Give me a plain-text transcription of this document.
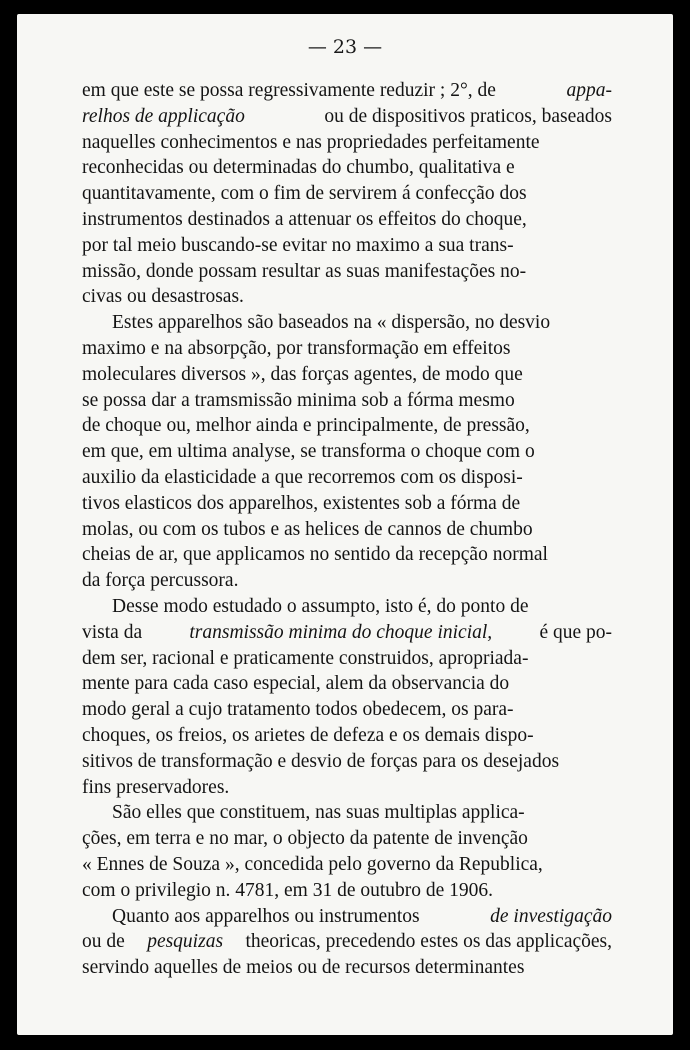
— 23 —
em que este se possa regressivamente reduzir ; 2°, de	appa-
relhos de applicação	ou de dispositivos praticos, baseados
naquelles conhecimentos e nas propriedades perfeitamente
reconhecidas ou determinadas do chumbo, qualitativa e
quantitavamente, com o fim de servirem á confecção dos
instrumentos destinados a attenuar os effeitos do choque,
por tal meio buscando-se evitar no maximo a sua trans-
missão, donde possam resultar as suas manifestações no-
civas ou desastrosas.
Estes apparelhos são baseados na « dispersão, no desvio
maximo e na absorpção, por transformação em effeitos
moleculares diversos », das forças agentes, de modo que
se possa dar a tramsmissão minima sob a fórma mesmo
de choque ou, melhor ainda e principalmente, de pressão,
em que, em ultima analyse, se transforma o choque com o
auxilio da elasticidade a que recorremos com os disposi-
tivos elasticos dos apparelhos, existentes sob a fórma de
molas, ou com os tubos e as helices de cannos de chumbo
cheias de ar, que applicamos no sentido da recepção normal
da força percussora.
Desse modo estudado o assumpto, isto é, do ponto de
vista da transmissão minima do choque inicial, é que po-
dem ser, racional e praticamente construidos, apropriada-
mente para cada caso especial, alem da observancia do
modo geral a cujo tratamento todos obedecem, os para-
choques, os freios, os arietes de defeza e os demais dispo-
sitivos de transformação e desvio de forças para os desejados
fins preservadores.
São elles que constituem, nas suas multiplas applica-
ções, em terra e no mar, o objecto da patente de invenção
« Ennes de Souza », concedida pelo governo da Republica,
com o privilegio n. 4781, em 31 de outubro de 1906.
Quanto aos apparelhos ou instrumentos	de investigação
ou de pesquizas theoricas, precedendo estes os das applicações,
servindo aquelles de meios ou de recursos determinantes
